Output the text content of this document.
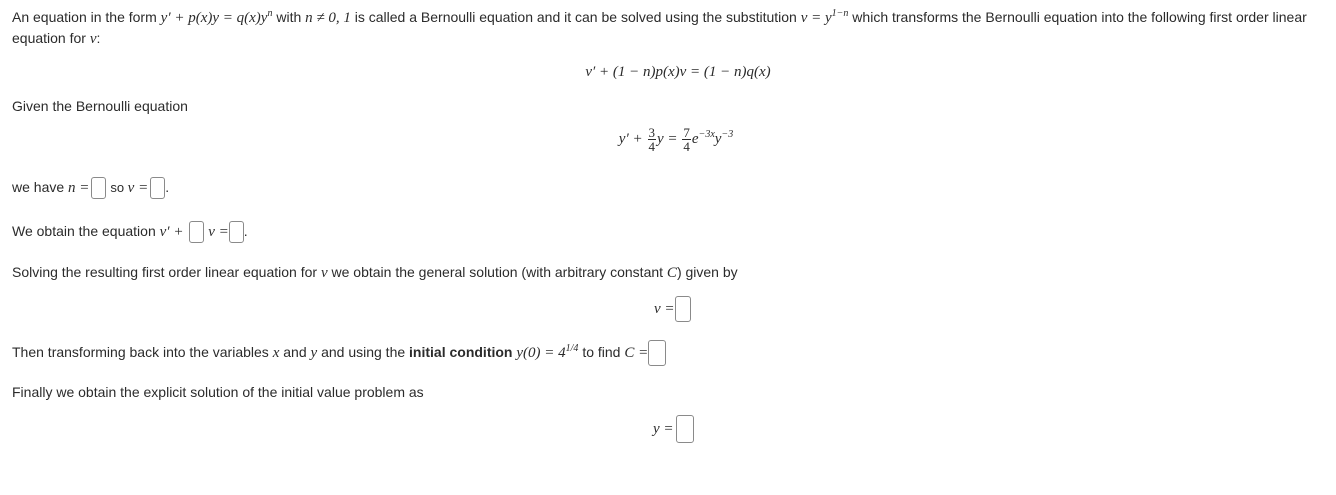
An equation in the form $y' + p(x)y = q(x)y^n$ with n ≠ 0, 1 is called a Bernoulli equation and it can be solved using the substitution $v = y^{1-n}$ which transforms the Bernoulli equation into the following first order linear
equation for v:
v′ + (1 − n)p(x)v = (1 − n)q(x)
Given the Bernoulli equation
$y' + \frac{3}{4}$ $y = \frac{7}{4} e^{-3x}y^{-3}$
we have n = so v = .
We obtain the equation v′ + v = .
Solving the resulting first order linear equation for v we obtain the general solution (with arbitrary constant C) given by
v =
Then transforming back into the variables x and y and using the initial condition $y(0) = 4^{1/4}$ to find C =
Finally we obtain the explicit solution of the initial value problem as
y =
